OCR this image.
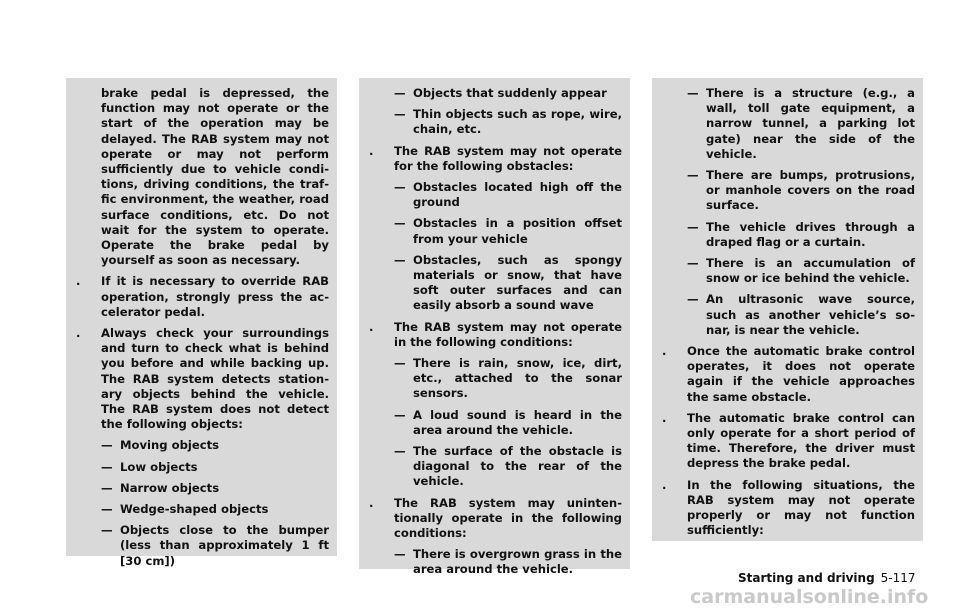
brake pedal is depressed, the function may not operate or the start of the operation may be delayed. The RAB system may not operate or may not perform sufficiently due to vehicle conditions, driving conditions, the traffic environment, the weather, road surface conditions, etc. Do not wait for the system to operate. Operate the brake pedal by yourself as soon as necessary.

. If it is necessary to override RAB operation, strongly press the accelerator pedal.

. Always check your surroundings and turn to check what is behind you before and while backing up. The RAB system detects stationary objects behind the vehicle. The RAB system does not detect the following objects:

— Moving objects

— Low objects

— Narrow objects

— Wedge-shaped objects

— Objects close to the bumper (less than approximately 1 ft [30 cm])

— Objects that suddenly appear

— Thin objects such as rope, wire, chain, etc.

. The RAB system may not operate for the following obstacles:

— Obstacles located high off the ground

— Obstacles in a position offset from your vehicle

— Obstacles, such as spongy materials or snow, that have soft outer surfaces and can easily absorb a sound wave

. The RAB system may not operate in the following conditions:

— There is rain, snow, ice, dirt, etc., attached to the sonar sensors.

— A loud sound is heard in the area around the vehicle.

— The surface of the obstacle is diagonal to the rear of the vehicle.

. The RAB system may unintentionally operate in the following conditions:

— There is overgrown grass in the area around the vehicle.

— There is a structure (e.g., a wall, toll gate equipment, a narrow tunnel, a parking lot gate) near the side of the vehicle.

— There are bumps, protrusions, or manhole covers on the road surface.

— The vehicle drives through a draped flag or a curtain.

— There is an accumulation of snow or ice behind the vehicle.

— An ultrasonic wave source, such as another vehicle’s sonar, is near the vehicle.

. Once the automatic brake control operates, it does not operate again if the vehicle approaches the same obstacle.

. The automatic brake control can only operate for a short period of time. Therefore, the driver must depress the brake pedal.

. In the following situations, the RAB system may not operate properly or may not function sufficiently:

Starting and driving 5-117
carmanualsonline.info
